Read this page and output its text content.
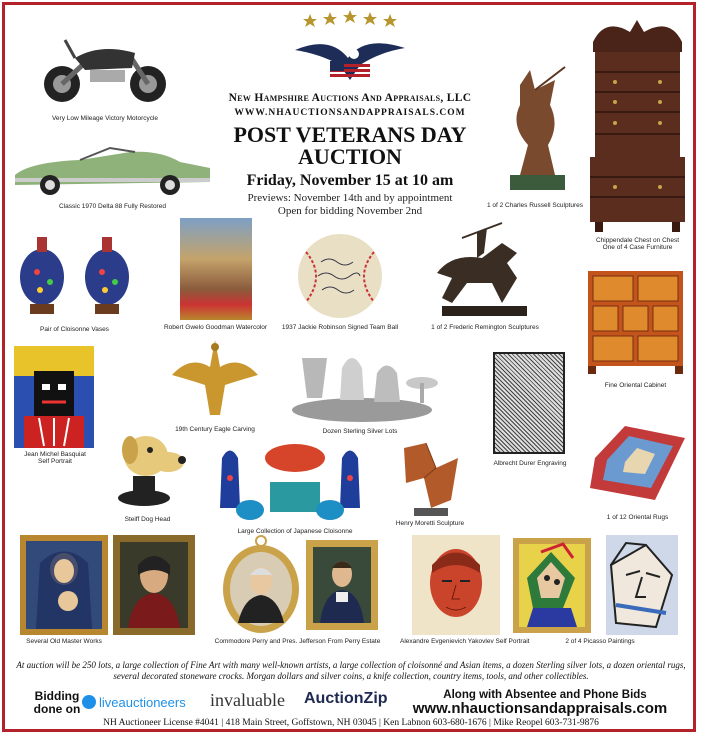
New Hampshire Auctions And Appraisals, LLC
WWW.NHAUCTIONSANDAPPRAISALS.COM
POST VETERANS DAY
AUCTION
Friday, November 15 at 10 am
Previews: November 14th and by appointment
Open for bidding November 2nd
Very Low Mileage Victory Motorcycle
Classic 1970 Delta 88 Fully Restored	1 of 2 Charles Russell Sculptures
Chippendale Chest on Chest
One of 4 Case Furniture
Pair of Cloisonne Vases	Robert Gwelo Goodman Watercolor	1937 Jackie Robinson Signed Team Ball	1 of 2 Frederic Remington Sculptures
Fine Oriental Cabinet
Jean Michel Basquiat
Self Portrait
19th Century Eagle Carving	Dozen Sterling Silver Lots
Albrecht Durer Engraving
Steiff Dog Head
Large Collection of Japanese Cloisonne
Henry Moretti Sculpture
1 of 12 Oriental Rugs
Several Old Master Works	Commodore Perry and Pres. Jefferson From Perry Estate	Alexandre Evgenievich Yakovlev Self Portrait	2 of 4 Picasso Paintings
At auction will be 250 lots, a large collection of Fine Art with many well-known artists, a large collection of cloisonné and Asian items, a dozen Sterling silver lots, a dozen oriental rugs, several decorated stoneware crocks. Morgan dollars and silver coins, a knife collection, country items, tools, and other collectibles.
Bidding
done on	liveauctioneers invaluable AuctionZip	Along with Absentee and Phone Bids
www.nhauctionsandappraisals.com
NH Auctioneer License #4041 | 418 Main Street, Goffstown, NH 03045 | Ken Labnon 603-680-1676 | Mike Reopel 603-731-9876
